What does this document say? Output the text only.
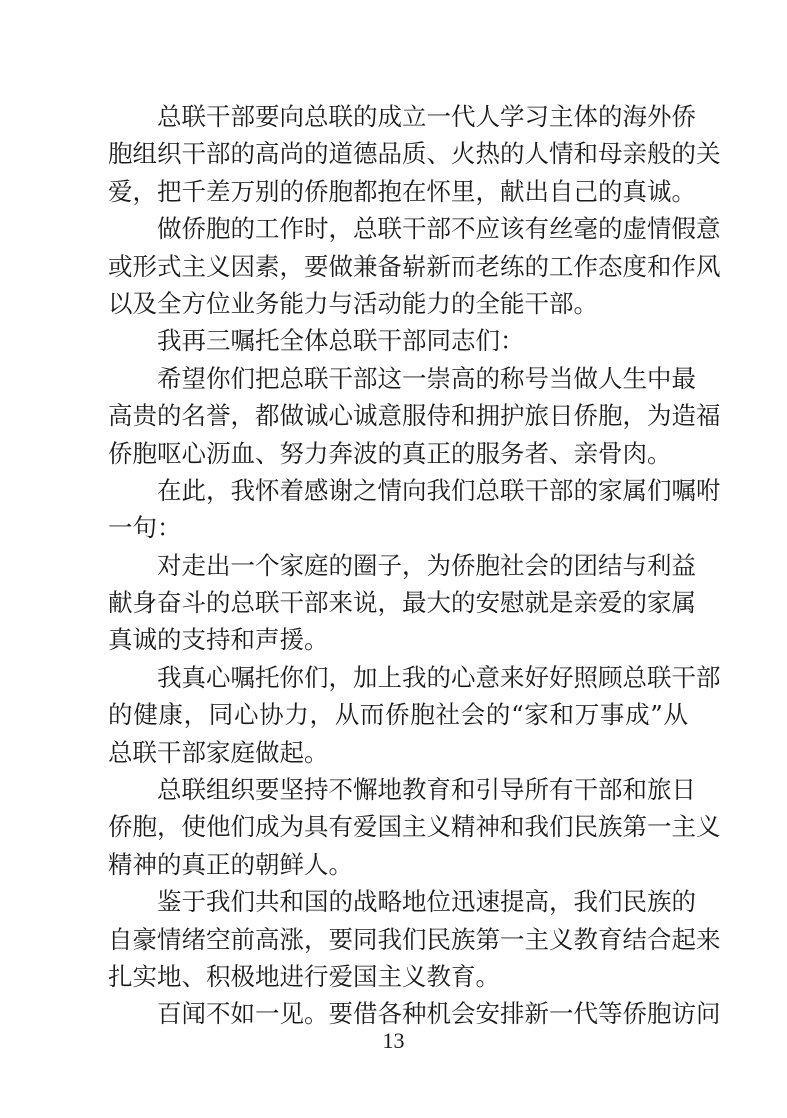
总联干部要向总联的成立一代人学习主体的海外侨
胞组织干部的高尚的道德品质、火热的人情和母亲般的关
爱，把千差万别的侨胞都抱在怀里，献出自己的真诚。
做侨胞的工作时，总联干部不应该有丝毫的虚情假意
或形式主义因素，要做兼备崭新而老练的工作态度和作风
以及全方位业务能力与活动能力的全能干部。
我再三嘱托全体总联干部同志们：
希望你们把总联干部这一崇高的称号当做人生中最
高贵的名誉，都做诚心诚意服侍和拥护旅日侨胞，为造福
侨胞呕心沥血、努力奔波的真正的服务者、亲骨肉。
在此，我怀着感谢之情向我们总联干部的家属们嘱咐
一句：
对走出一个家庭的圈子，为侨胞社会的团结与利益
献身奋斗的总联干部来说，最大的安慰就是亲爱的家属
真诚的支持和声援。
我真心嘱托你们，加上我的心意来好好照顾总联干部
的健康，同心协力，从而侨胞社会的“家和万事成”从
总联干部家庭做起。
总联组织要坚持不懈地教育和引导所有干部和旅日
侨胞，使他们成为具有爱国主义精神和我们民族第一主义
精神的真正的朝鲜人。
鉴于我们共和国的战略地位迅速提高，我们民族的
自豪情绪空前高涨，要同我们民族第一主义教育结合起来
扎实地、积极地进行爱国主义教育。
百闻不如一见。要借各种机会安排新一代等侨胞访问
13
